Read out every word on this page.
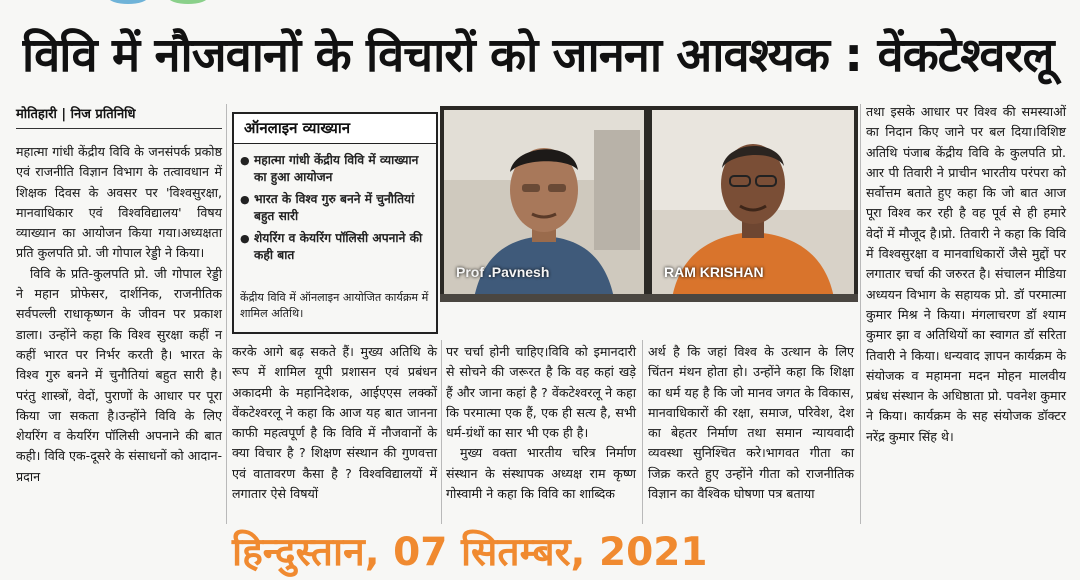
विवि में नौजवानों के विचारों को जानना आवश्यक : वेंकटेश्वरलू
मोतिहारी | निज प्रतिनिधि

महात्मा गांधी केंद्रीय विवि के जनसंपर्क प्रकोष्ठ एवं राजनीति विज्ञान विभाग के तत्वावधान में शिक्षक दिवस के अवसर पर 'विश्वसुरक्षा, मानवाधिकार एवं विश्वविद्यालय' विषय व्याख्यान का आयोजन किया गया।अध्यक्षता प्रति कुलपति प्रो. जी गोपाल रेड्डी ने किया।

विवि के प्रति-कुलपति प्रो. जी गोपाल रेड्डी ने महान प्रोफेसर, दार्शनिक, राजनीतिक सर्वपल्ली राधाकृष्णन के जीवन पर प्रकाश डाला। उन्होंने कहा कि विश्व सुरक्षा कहीं न कहीं भारत पर निर्भर करती है। भारत के विश्व गुरु बनने में चुनौतियां बहुत सारी है। परंतु शास्त्रों, वेदों, पुराणों के आधार पर पूरा किया जा सकता है।उन्होंने विवि के लिए शेयरिंग व केयरिंग पॉलिसी अपनाने की बात कही। विवि एक-दूसरे के संसाधनों को आदान-प्रदान

ऑनलाइन व्याख्यान
● महात्मा गांधी केंद्रीय विवि में व्याख्यान का हुआ आयोजन
● भारत के विश्व गुरु बनने में चुनौतियां बहुत सारी
● शेयरिंग व केयरिंग पॉलिसी अपनाने की कही बात
केंद्रीय विवि में ऑनलाइन आयोजित कार्यक्रम में शामिल अतिथि।
Prof .Pavnesh	RAM KRISHAN

करके आगे बढ़ सकते हैं। मुख्य अतिथि के रूप में शामिल यूपी प्रशासन एवं प्रबंधन अकादमी के महानिदेशक, आईएएस लक्कों वेंकटेश्वरलू ने कहा कि आज यह बात जानना काफी महत्वपूर्ण है कि विवि में नौजवानों के क्या विचार है ? शिक्षण संस्थान की गुणवत्ता एवं वातावरण कैसा है ? विश्वविद्यालयों में लगातार ऐसे विषयों

पर चर्चा होनी चाहिए।विवि को इमानदारी से सोचने की जरूरत है कि वह कहां खड़े हैं और जाना कहां है ? वेंकटेश्वरलू ने कहा कि परमात्मा एक हैं, एक ही सत्य है, सभी धर्म-ग्रंथों का सार भी एक ही है।

मुख्य वक्ता भारतीय चरित्र निर्माण संस्थान के संस्थापक अध्यक्ष राम कृष्ण गोस्वामी ने कहा कि विवि का शाब्दिक

अर्थ है कि जहां विश्व के उत्थान के लिए चिंतन मंथन होता हो। उन्होंने कहा कि शिक्षा का धर्म यह है कि जो मानव जगत के विकास, मानवाधिकारों की रक्षा, समाज, परिवेश, देश का बेहतर निर्माण तथा समान न्यायवादी व्यवस्था सुनिश्चित करे।भागवत गीता का जिक्र करते हुए उन्होंने गीता को राजनीतिक विज्ञान का वैश्विक घोषणा पत्र बताया

तथा इसके आधार पर विश्व की समस्याओं का निदान किए जाने पर बल दिया।विशिष्ट अतिथि पंजाब केंद्रीय विवि के कुलपति प्रो. आर पी तिवारी ने प्राचीन भारतीय परंपरा को सर्वोत्तम बताते हुए कहा कि जो बात आज पूरा विश्व कर रही है वह पूर्व से ही हमारे वेदों में मौजूद है।प्रो. तिवारी ने कहा कि विवि में विश्वसुरक्षा व मानवाधिकारों जैसे मुद्दों पर लगातार चर्चा की जरुरत है। संचालन मीडिया अध्ययन विभाग के सहायक प्रो. डॉ परमात्मा कुमार मिश्र ने किया। मंगलाचरण डॉ श्याम कुमार झा व अतिथियों का स्वागत डॉ सरिता तिवारी ने किया। धन्यवाद ज्ञापन कार्यक्रम के संयोजक व महामना मदन मोहन मालवीय प्रबंध संस्थान के अधिष्ठाता प्रो. पवनेश कुमार ने किया। कार्यक्रम के सह संयोजक डॉक्टर नरेंद्र कुमार सिंह थे।

हिन्दुस्तान, 07 सितम्बर, 2021
